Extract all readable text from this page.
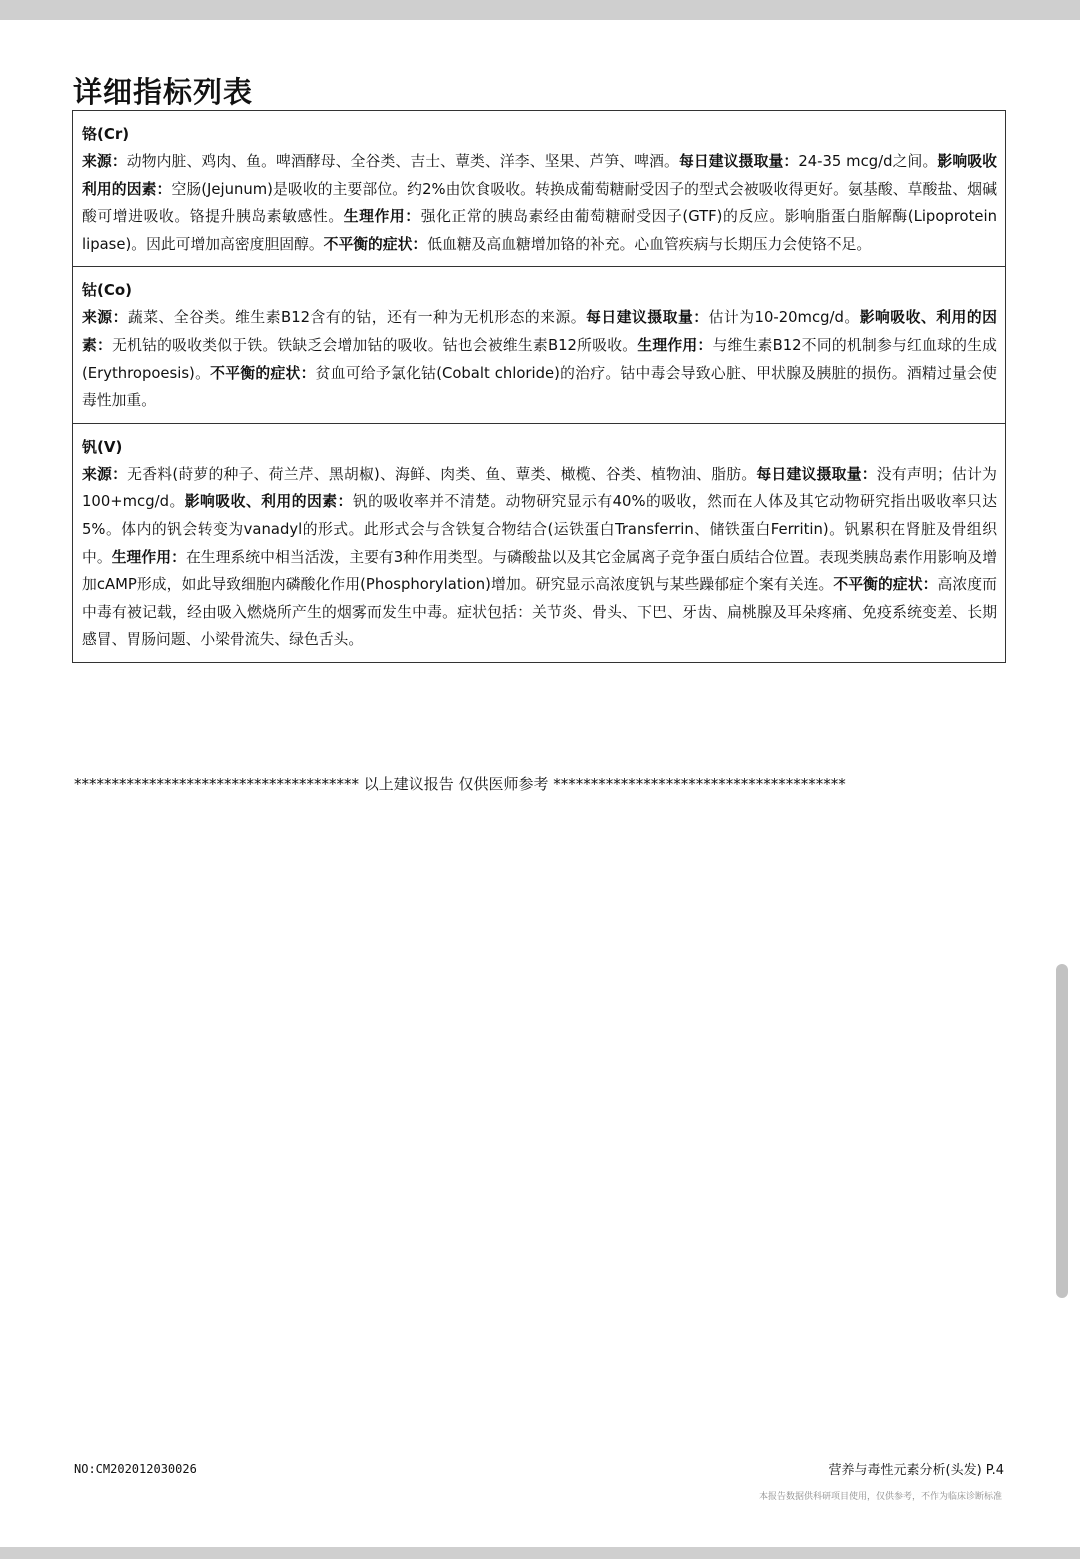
详细指标列表
铬(Cr)
来源：动物内脏、鸡肉、鱼。啤酒酵母、全谷类、吉士、蕈类、洋李、坚果、芦笋、啤酒。每日建议摄取量：24-35 mcg/d之间。影响吸收利用的因素：空肠(Jejunum)是吸收的主要部位。约2%由饮食吸收。转换成葡萄糖耐受因子的型式会被吸收得更好。氨基酸、草酸盐、烟碱酸可增进吸收。铬提升胰岛素敏感性。生理作用：强化正常的胰岛素经由葡萄糖耐受因子(GTF)的反应。影响脂蛋白脂解酶(Lipoprotein lipase)。因此可增加高密度胆固醇。不平衡的症状：低血糖及高血糖增加铬的补充。心血管疾病与长期压力会使铬不足。
钴(Co)
来源：蔬菜、全谷类。维生素B12含有的钴，还有一种为无机形态的来源。每日建议摄取量：估计为10-20mcg/d。影响吸收、利用的因素：无机钴的吸收类似于铁。铁缺乏会增加钴的吸收。钴也会被维生素B12所吸收。生理作用：与维生素B12不同的机制参与红血球的生成(Erythropoesis)。不平衡的症状：贫血可给予氯化钴(Cobalt chloride)的治疗。钴中毒会导致心脏、甲状腺及胰脏的损伤。酒精过量会使毒性加重。
钒(V)
来源：无香料(莳萝的种子、荷兰芹、黑胡椒)、海鲜、肉类、鱼、蕈类、橄榄、谷类、植物油、脂肪。每日建议摄取量：没有声明；估计为100+mcg/d。影响吸收、利用的因素：钒的吸收率并不清楚。动物研究显示有40%的吸收，然而在人体及其它动物研究指出吸收率只达5%。体内的钒会转变为vanadyl的形式。此形式会与含铁复合物结合(运铁蛋白Transferrin、储铁蛋白Ferritin)。钒累积在肾脏及骨组织中。生理作用：在生理系统中相当活泼，主要有3种作用类型。与磷酸盐以及其它金属离子竞争蛋白质结合位置。表现类胰岛素作用影响及增加cAMP形成，如此导致细胞内磷酸化作用(Phosphorylation)增加。研究显示高浓度钒与某些躁郁症个案有关连。不平衡的症状：高浓度而中毒有被记载，经由吸入燃烧所产生的烟雾而发生中毒。症状包括：关节炎、骨头、下巴、牙齿、扁桃腺及耳朵疼痛、免疫系统变差、长期感冒、胃肠问题、小梁骨流失、绿色舌头。
************************************** 以上建议报告 仅供医师参考 ***************************************
NO:CM202012030026	营养与毒性元素分析(头发) P.4
本报告数据供科研项目使用，仅供参考，不作为临床诊断标准
